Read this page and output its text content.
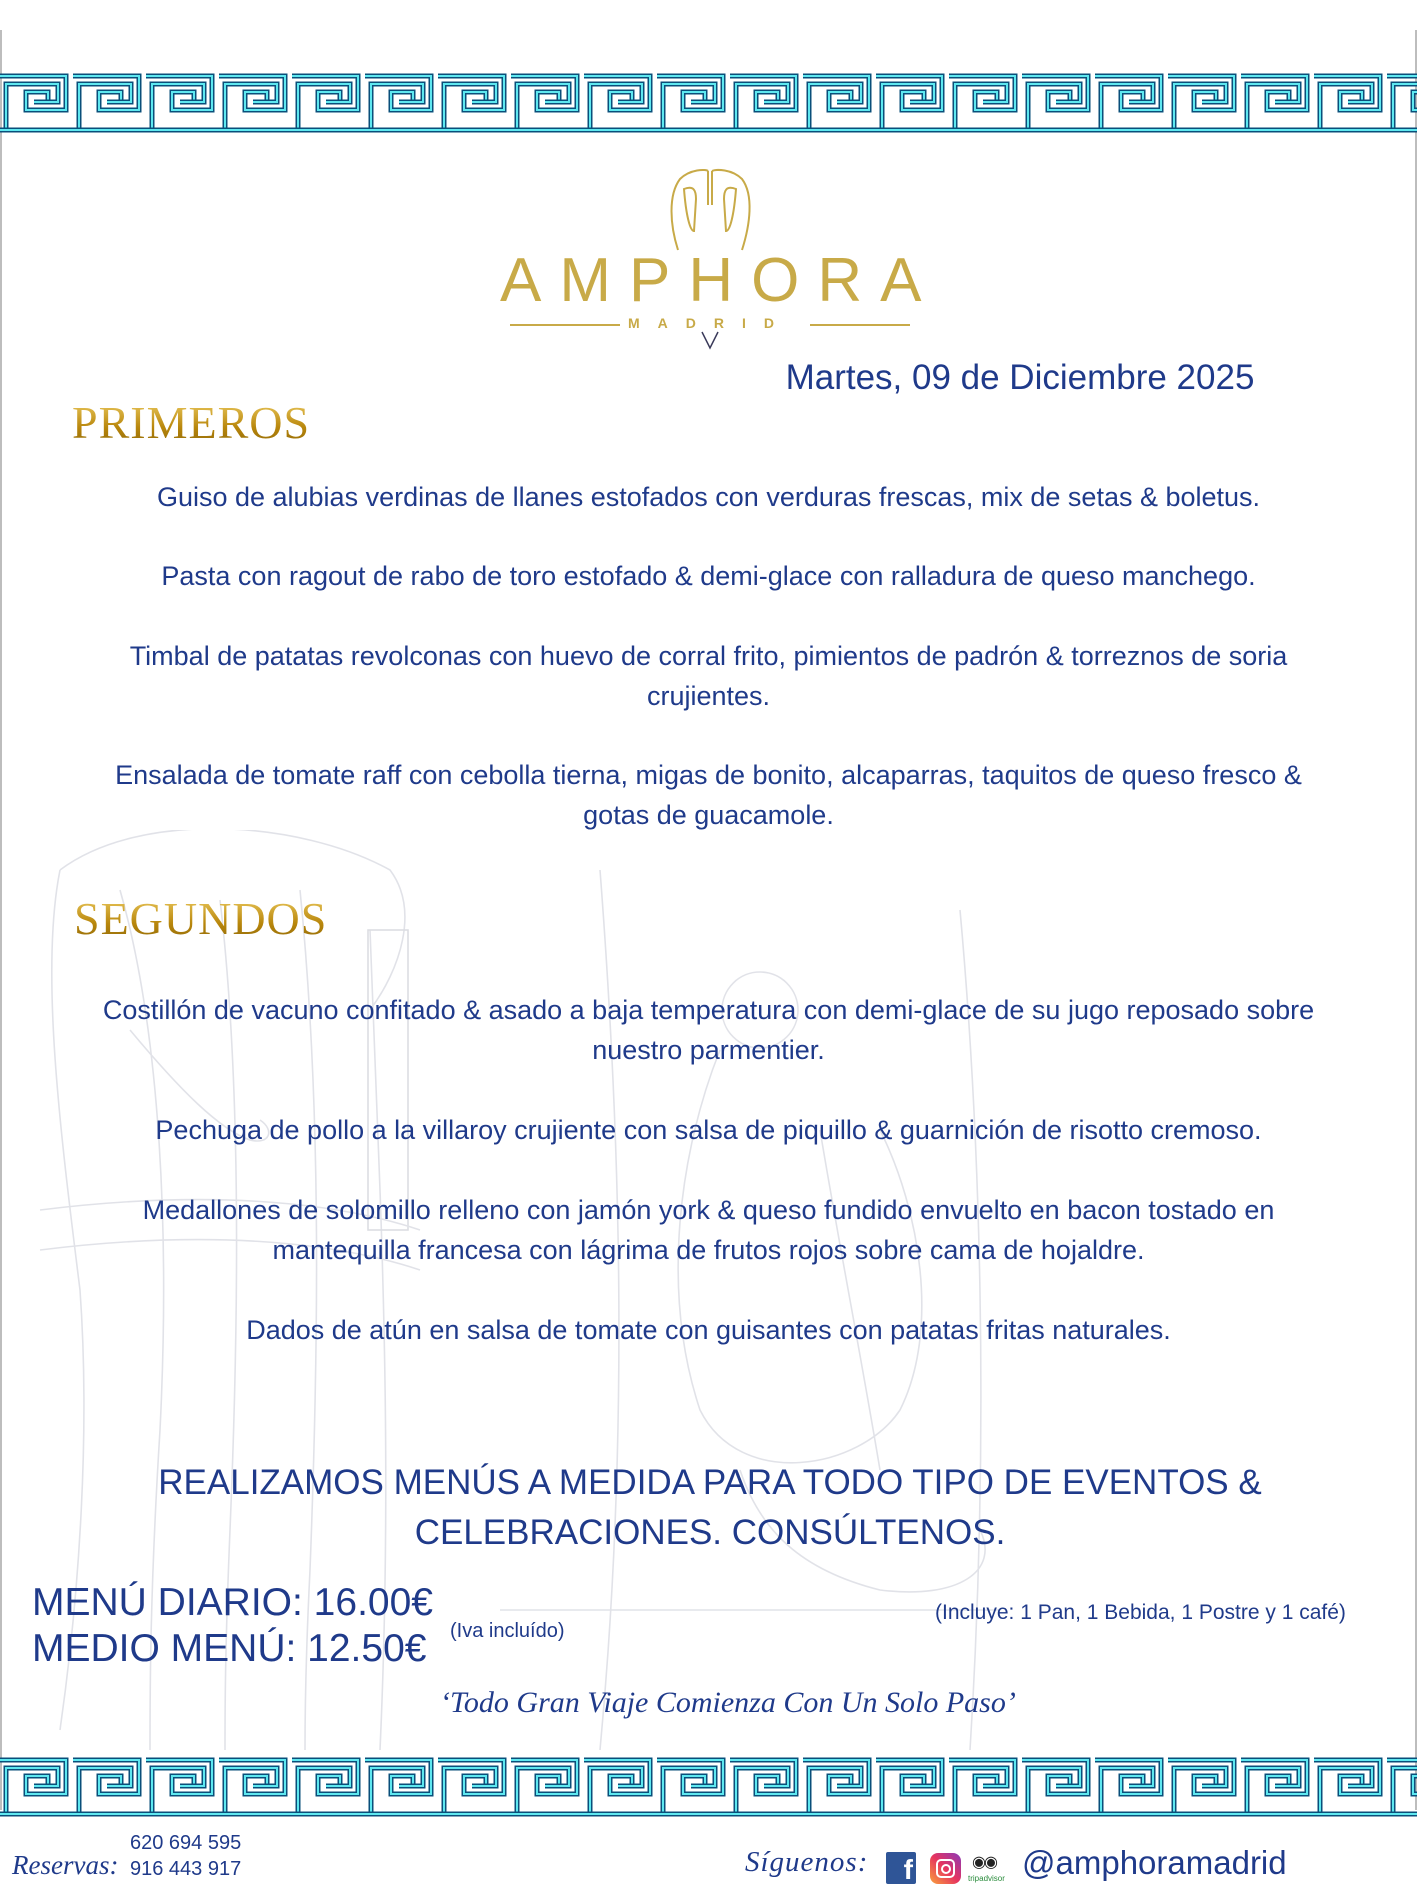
AMPHORA
MADRID
Martes, 09 de Diciembre 2025
PRIMEROS
Guiso de alubias verdinas de llanes estofados con verduras frescas, mix de setas & boletus.
Pasta con ragout de rabo de toro estofado & demi-glace con ralladura de queso manchego.
Timbal de patatas revolconas con huevo de corral frito, pimientos de padrón & torreznos de soria
crujientes.
Ensalada de tomate raff con cebolla tierna, migas de bonito, alcaparras, taquitos de queso fresco &
gotas de guacamole.
SEGUNDOS
Costillón de vacuno confitado & asado a baja temperatura con demi-glace de su jugo reposado sobre
nuestro parmentier.
Pechuga de pollo a la villaroy crujiente con salsa de piquillo & guarnición de risotto cremoso.
Medallones de solomillo relleno con jamón york & queso fundido envuelto en bacon tostado en
mantequilla francesa con lágrima de frutos rojos sobre cama de hojaldre.
Dados de atún en salsa de tomate con guisantes con patatas fritas naturales.
REALIZAMOS MENÚS A MEDIDA PARA TODO TIPO DE EVENTOS &
CELEBRACIONES. CONSÚLTENOS.
MENÚ DIARIO: 16.00€
MEDIO MENÚ: 12.50€ (Iva incluído)
(Incluye: 1 Pan, 1 Bebida, 1 Postre y 1 café)
‘Todo Gran Viaje Comienza Con Un Solo Paso’
Reservas:
620 694 595
916 443 917	Síguenos:	f	◉◉
tripadvisor @amphoramadrid
